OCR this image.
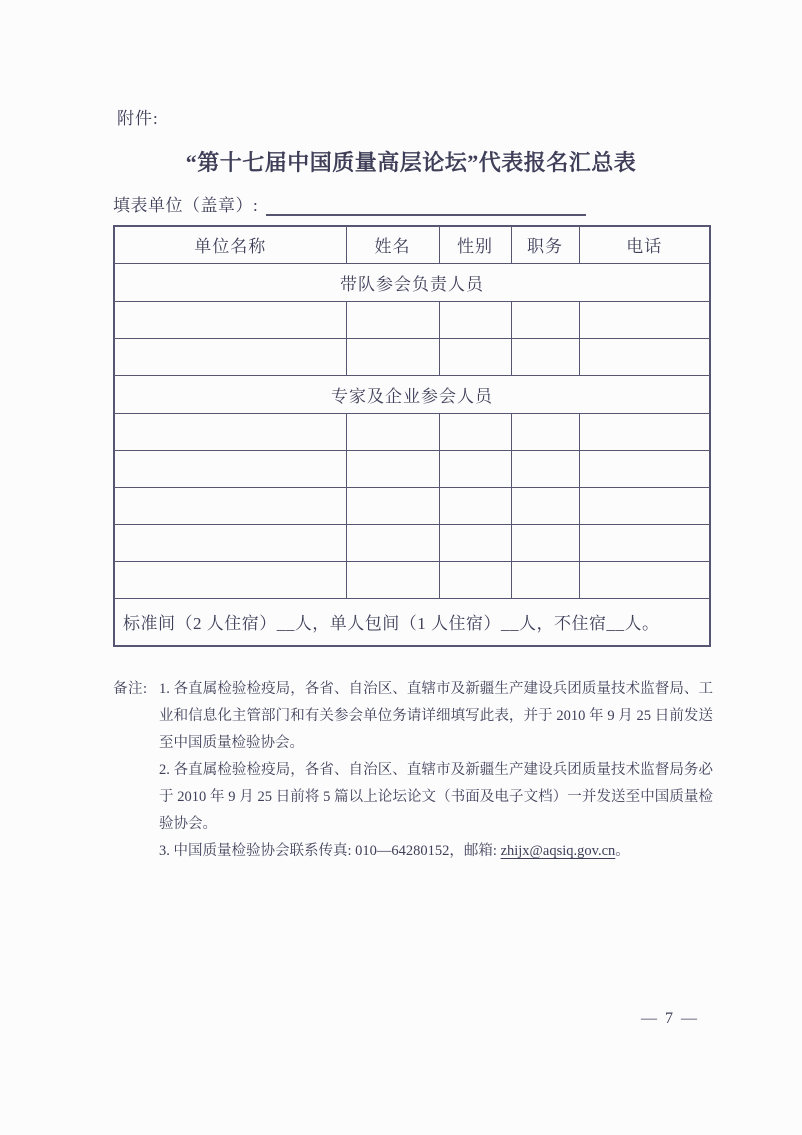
附件:
“第十七届中国质量高层论坛”代表报名汇总表
填表单位（盖章）:
单位名称	姓名	性别	职务	电话
带队参会负责人员				

专家及企业参会人员				

标准间（2 人住宿）__人，单人包间（1 人住宿）__人，不住宿__人。				
备注: 1. 各直属检验检疫局，各省、自治区、直辖市及新疆生产建设兵团质量技术监督局、工业和信息化主管部门和有关参会单位务请详细填写此表，并于 2010 年 9 月 25 日前发送至中国质量检验协会。
2. 各直属检验检疫局，各省、自治区、直辖市及新疆生产建设兵团质量技术监督局务必于 2010 年 9 月 25 日前将 5 篇以上论坛论文（书面及电子文档）一并发送至中国质量检验协会。
3. 中国质量检验协会联系传真: 010—64280152，邮箱: zhijx@aqsiq.gov.cn。
— 7 —
